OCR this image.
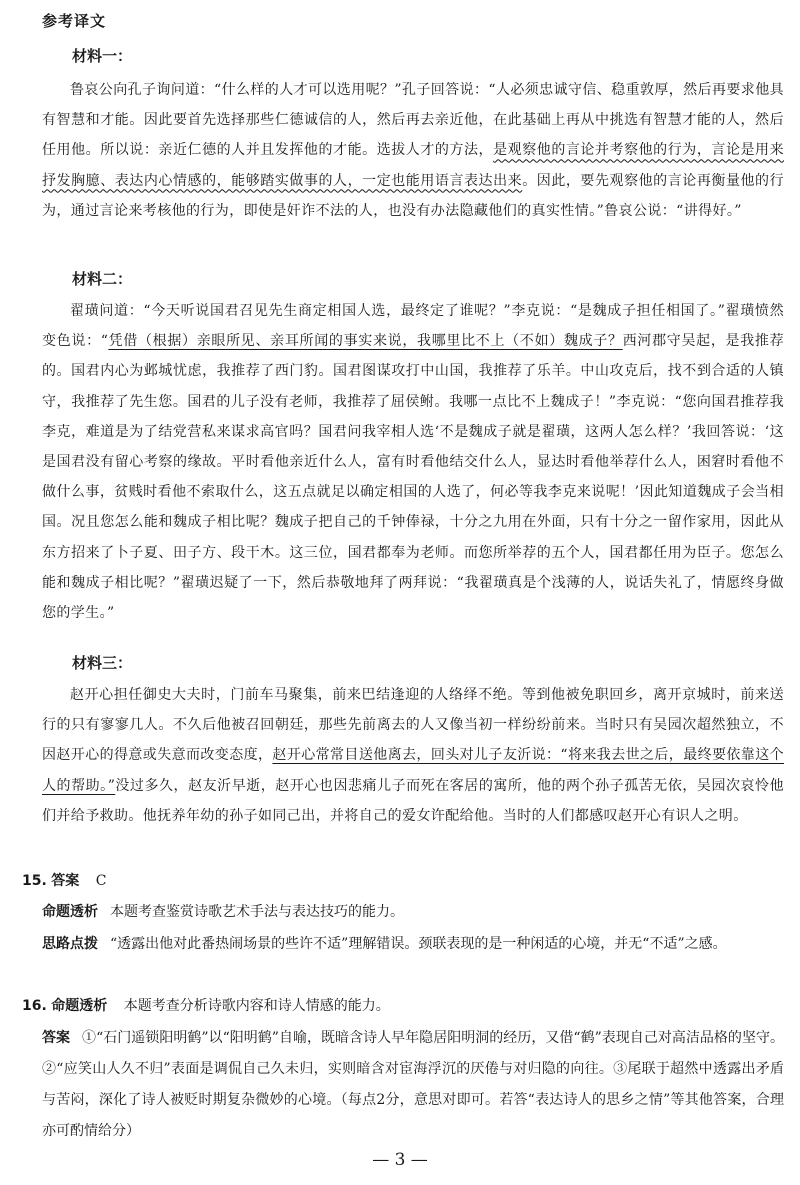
参考译文
材料一：
鲁哀公向孔子询问道：“什么样的人才可以选用呢？”孔子回答说：“人必须忠诚守信、稳重敦厚，然后再要求他具有智慧和才能。因此要首先选择那些仁德诚信的人，然后再去亲近他，在此基础上再从中挑选有智慧才能的人，然后任用他。所以说：亲近仁德的人并且发挥他的才能。选拔人才的方法，是观察他的言论并考察他的行为，言论是用来抒发胸臆、表达内心情感的，能够踏实做事的人，一定也能用语言表达出来。因此，要先观察他的言论再衡量他的行为，通过言论来考核他的行为，即使是奸诈不法的人，也没有办法隐藏他们的真实性情。”鲁哀公说：“讲得好。”
材料二：
翟璜问道：“今天听说国君召见先生商定相国人选，最终定了谁呢？”李克说：“是魏成子担任相国了。”翟璜愤然变色说：“凭借（根据）亲眼所见、亲耳所闻的事实来说，我哪里比不上（不如）魏成子？西河郡守吴起，是我推荐的。国君内心为邺城忧虑，我推荐了西门豹。国君图谋攻打中山国，我推荐了乐羊。中山攻克后，找不到合适的人镇守，我推荐了先生您。国君的儿子没有老师，我推荐了屈侯鲋。我哪一点比不上魏成子！”李克说：“您向国君推荐我李克，难道是为了结党营私来谋求高官吗？国君问我宰相人选‘不是魏成子就是翟璜，这两人怎么样？’我回答说：‘这是国君没有留心考察的缘故。平时看他亲近什么人，富有时看他结交什么人，显达时看他举荐什么人，困窘时看他不做什么事，贫贱时看他不索取什么，这五点就足以确定相国的人选了，何必等我李克来说呢！’因此知道魏成子会当相国。况且您怎么能和魏成子相比呢？魏成子把自己的千钟俸禄，十分之九用在外面，只有十分之一留作家用，因此从东方招来了卜子夏、田子方、段干木。这三位，国君都奉为老师。而您所举荐的五个人，国君都任用为臣子。您怎么能和魏成子相比呢？”翟璜迟疑了一下，然后恭敬地拜了两拜说：“我翟璜真是个浅薄的人，说话失礼了，情愿终身做您的学生。”
材料三：
赵开心担任御史大夫时，门前车马聚集，前来巴结逢迎的人络绎不绝。等到他被免职回乡，离开京城时，前来送行的只有寥寥几人。不久后他被召回朝廷，那些先前离去的人又像当初一样纷纷前来。当时只有吴园次超然独立，不因赵开心的得意或失意而改变态度，赵开心常常目送他离去，回头对儿子友沂说：“将来我去世之后，最终要依靠这个人的帮助。”没过多久，赵友沂早逝，赵开心也因悲痛儿子而死在客居的寓所，他的两个孙子孤苦无依，吴园次哀怜他们并给予救助。他抚养年幼的孙子如同己出，并将自己的爱女许配给他。当时的人们都感叹赵开心有识人之明。
15. 答案 C
命题透析 本题考查鉴赏诗歌艺术手法与表达技巧的能力。
思路点拨 “透露出他对此番热闹场景的些许不适”理解错误。颈联表现的是一种闲适的心境，并无“不适”之感。
16. 命题透析 本题考查分析诗歌内容和诗人情感的能力。
答案 ①“石门遥锁阳明鹤”以“阳明鹤”自喻，既暗含诗人早年隐居阳明洞的经历，又借“鹤”表现自己对高洁品格的坚守。②“应笑山人久不归”表面是调侃自己久未归，实则暗含对宦海浮沉的厌倦与对归隐的向往。③尾联于超然中透露出矛盾与苦闷，深化了诗人被贬时期复杂微妙的心境。（每点2分，意思对即可。若答“表达诗人的思乡之情”等其他答案，合理亦可酌情给分）
— 3 —
